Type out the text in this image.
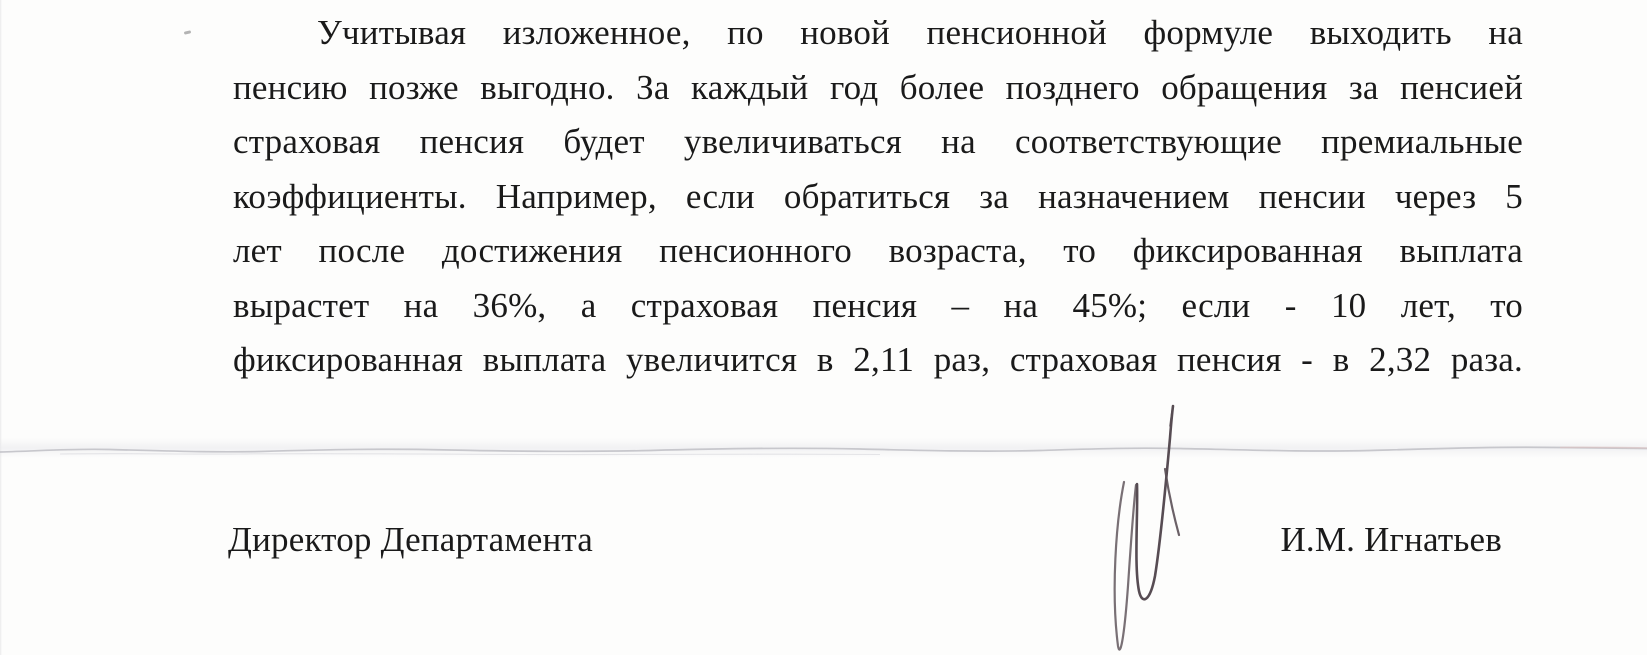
Учитывая изложенное, по новой пенсионной формуле выходить на
пенсию позже выгодно. За каждый год более позднего обращения за пенсией
страховая пенсия будет увеличиваться на соответствующие премиальные
коэффициенты. Например, если обратиться за назначением пенсии через 5
лет после достижения пенсионного возраста, то фиксированная выплата
вырастет на 36%, а страховая пенсия – на 45%; если - 10 лет, то
фиксированная выплата увеличится в 2,11 раз, страховая пенсия - в 2,32 раза.
Директор Департамента	И.М. Игнатьев
